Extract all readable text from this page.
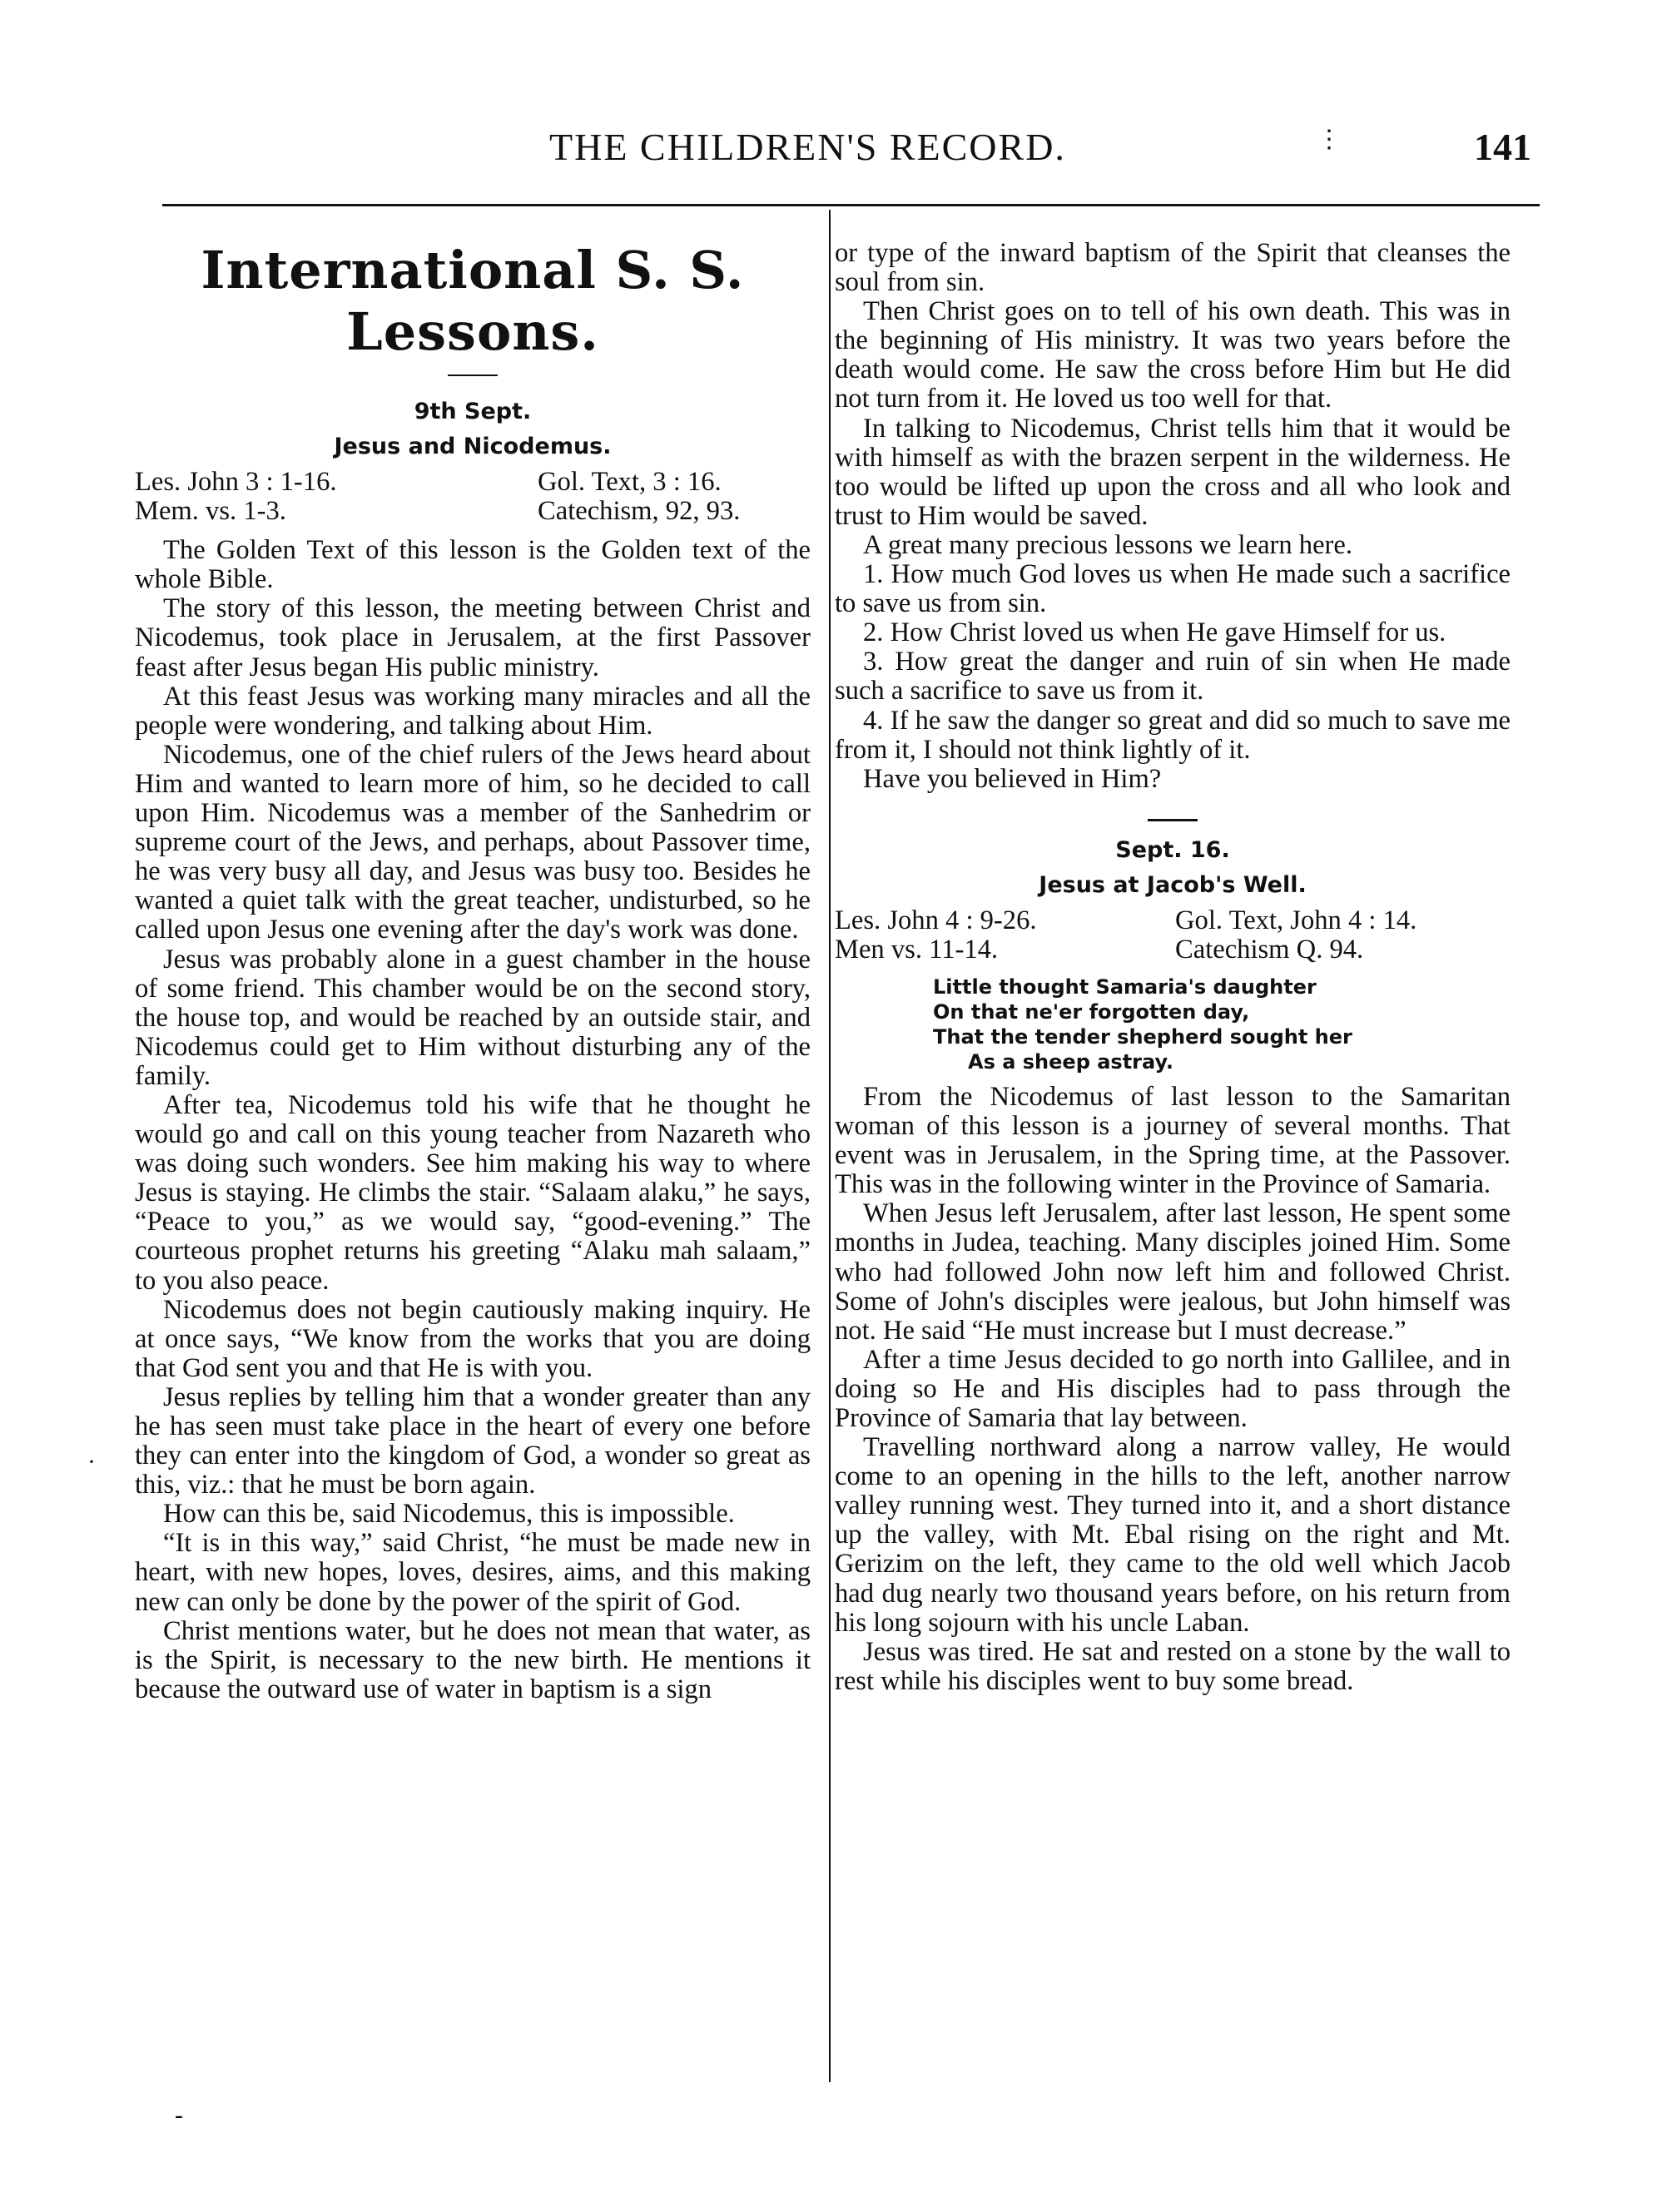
THE CHILDREN'S RECORD.	141
⋮
·
-
International S. S. Lessons.
9th Sept.
Jesus and Nicodemus.
Les. John 3 : 1-16.	Gol. Text, 3 : 16.
Mem. vs. 1-3.	Catechism, 92, 93.

The Golden Text of this lesson is the Golden text of the whole Bible.

The story of this lesson, the meeting between Christ and Nicodemus, took place in Jerusalem, at the first Passover feast after Jesus began His public ministry.

At this feast Jesus was working many miracles and all the people were wondering, and talking about Him.

Nicodemus, one of the chief rulers of the Jews heard about Him and wanted to learn more of him, so he decided to call upon Him. Nicodemus was a member of the Sanhedrim or supreme court of the Jews, and perhaps, about Passover time, he was very busy all day, and Jesus was busy too. Besides he wanted a quiet talk with the great teacher, undisturbed, so he called upon Jesus one evening after the day's work was done.

Jesus was probably alone in a guest chamber in the house of some friend. This chamber would be on the second story, the house top, and would be reached by an outside stair, and Nicodemus could get to Him without disturbing any of the family.

After tea, Nicodemus told his wife that he thought he would go and call on this young teacher from Nazareth who was doing such wonders. See him making his way to where Jesus is staying. He climbs the stair. “Salaam alaku,” he says, “Peace to you,” as we would say, “good-evening.” The courteous prophet returns his greeting “Alaku mah salaam,” to you also peace.

Nicodemus does not begin cautiously making inquiry. He at once says, “We know from the works that you are doing that God sent you and that He is with you.

Jesus replies by telling him that a wonder greater than any he has seen must take place in the heart of every one before they can enter into the kingdom of God, a wonder so great as this, viz.: that he must be born again.

How can this be, said Nicodemus, this is impossible.

“It is in this way,” said Christ, “he must be made new in heart, with new hopes, loves, desires, aims, and this making new can only be done by the power of the spirit of God.

Christ mentions water, but he does not mean that water, as is the Spirit, is necessary to the new birth. He mentions it because the outward use of water in baptism is a sign

or type of the inward baptism of the Spirit that cleanses the soul from sin.

Then Christ goes on to tell of his own death. This was in the beginning of His ministry. It was two years before the death would come. He saw the cross before Him but He did not turn from it. He loved us too well for that.

In talking to Nicodemus, Christ tells him that it would be with himself as with the brazen serpent in the wilderness. He too would be lifted up upon the cross and all who look and trust to Him would be saved.

A great many precious lessons we learn here.

1. How much God loves us when He made such a sacrifice to save us from sin.

2. How Christ loved us when He gave Himself for us.

3. How great the danger and ruin of sin when He made such a sacrifice to save us from it.

4. If he saw the danger so great and did so much to save me from it, I should not think lightly of it.

Have you believed in Him?

Sept. 16.
Jesus at Jacob's Well.
Les. John 4 : 9-26.	Gol. Text, John 4 : 14.
Men vs. 11-14.	Catechism Q. 94.
Little thought Samaria's daughter
On that ne'er forgotten day,
That the tender shepherd sought her
As a sheep astray.

From the Nicodemus of last lesson to the Samaritan woman of this lesson is a journey of several months. That event was in Jerusalem, in the Spring time, at the Passover. This was in the following winter in the Province of Samaria.

When Jesus left Jerusalem, after last lesson, He spent some months in Judea, teaching. Many disciples joined Him. Some who had followed John now left him and followed Christ. Some of John's disciples were jealous, but John himself was not. He said “He must increase but I must decrease.”

After a time Jesus decided to go north into Gallilee, and in doing so He and His disciples had to pass through the Province of Samaria that lay between.

Travelling northward along a narrow valley, He would come to an opening in the hills to the left, another narrow valley running west. They turned into it, and a short distance up the valley, with Mt. Ebal rising on the right and Mt. Gerizim on the left, they came to the old well which Jacob had dug nearly two thousand years before, on his return from his long sojourn with his uncle Laban.

Jesus was tired. He sat and rested on a stone by the wall to rest while his disciples went to buy some bread.
